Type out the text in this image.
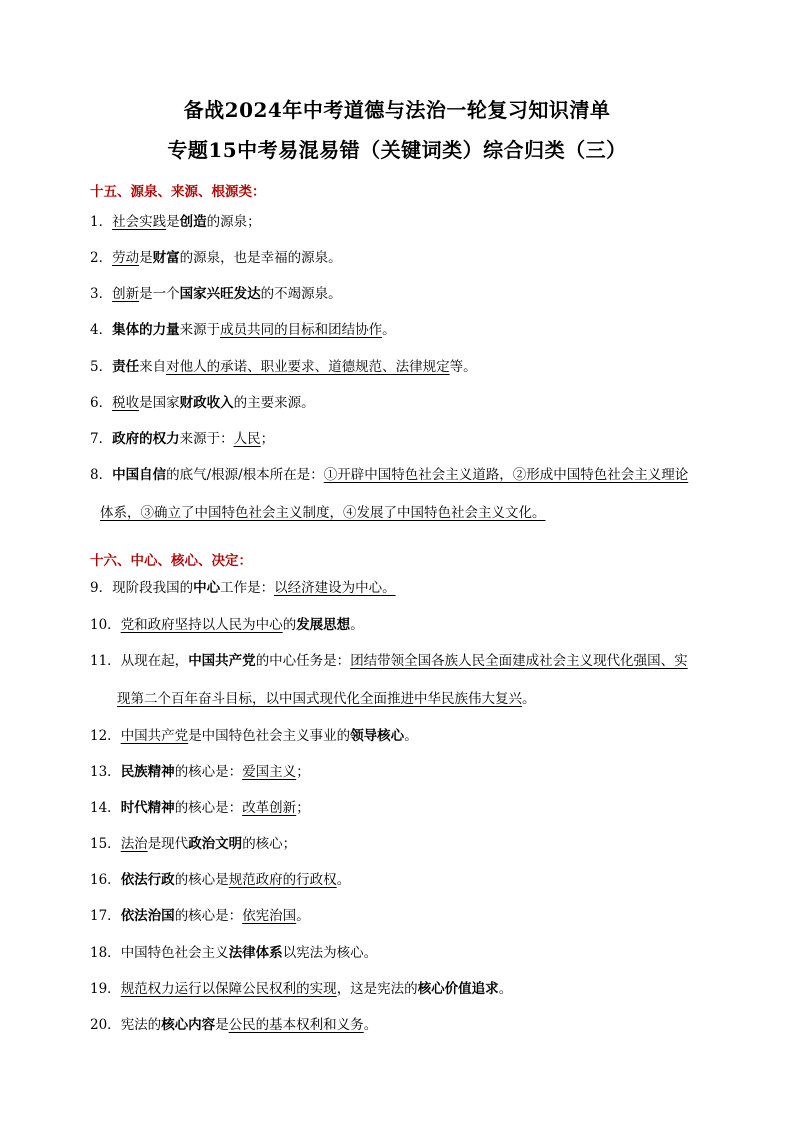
备战2024年中考道德与法治一轮复习知识清单
专题15中考易混易错（关键词类）综合归类（三）
十五、源泉、来源、根源类：
1．社会实践是创造的源泉；
2．劳动是财富的源泉，也是幸福的源泉。
3．创新是一个国家兴旺发达的不竭源泉。
4．集体的力量来源于成员共同的目标和团结协作。
5．责任来自对他人的承诺、职业要求、道德规范、法律规定等。
6．税收是国家财政收入的主要来源。
7．政府的权力来源于：人民；
8．中国自信的底气/根源/根本所在是：①开辟中国特色社会主义道路，②形成中国特色社会主义理论
体系，③确立了中国特色社会主义制度，④发展了中国特色社会主义文化。
十六、中心、核心、决定：
9．现阶段我国的中心工作是：以经济建设为中心。
10．党和政府坚持以人民为中心的发展思想。
11．从现在起，中国共产党的中心任务是：团结带领全国各族人民全面建成社会主义现代化强国、实
现第二个百年奋斗目标，以中国式现代化全面推进中华民族伟大复兴。
12．中国共产党是中国特色社会主义事业的领导核心。
13．民族精神的核心是：爱国主义；
14．时代精神的核心是：改革创新；
15．法治是现代政治文明的核心；
16．依法行政的核心是规范政府的行政权。
17．依法治国的核心是：依宪治国。
18．中国特色社会主义法律体系以宪法为核心。
19．规范权力运行以保障公民权利的实现，这是宪法的核心价值追求。
20．宪法的核心内容是公民的基本权利和义务。
